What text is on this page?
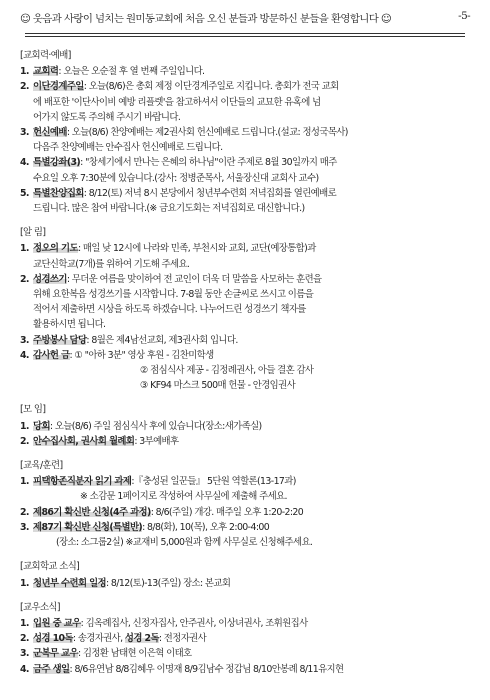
☺ 웃음과 사랑이 넘치는 원미동교회에 처음 오신 분들과 방문하신 분들을 환영합니다 ☺	-5-
[교회력·예배]
1. 교회력: 오늘은 오순절 후 열 번째 주일입니다.
2. 이단경계주일: 오늘(8/6)은 총회 제정 이단경계주일로 지킵니다. 총회가 전국 교회
에 배포한 '이단사이비 예방 리플렛'을 참고하셔서 이단들의 교묘한 유혹에 넘
어가지 않도록 주의해 주시기 바랍니다.
3. 헌신예배: 오늘(8/6) 찬양예배는 제2권사회 헌신예배로 드립니다.(설교: 정성국목사)
다음주 찬양예배는 안수집사 헌신예배로 드립니다.
4. 특별강좌(3): "창세기에서 만나는 은혜의 하나님"이란 주제로 8월 30일까지 매주
수요일 오후 7:30분에 있습니다.(강사: 정병준목사, 서울장신대 교회사 교수)
5. 특별찬양집회: 8/12(토) 저녁 8시 본당에서 청년부수련회 저녁집회를 열린예배로
드립니다. 많은 참여 바랍니다.(※ 금요기도회는 저녁집회로 대신합니다.)
[알 림]
1. 정오의 기도: 매일 낮 12시에 나라와 민족, 부천시와 교회, 교단(예장통합)과
교단신학교(7개)를 위하여 기도해 주세요.
2. 성경쓰기: 무더운 여름을 맞이하여 전 교인이 더욱 더 말씀을 사모하는 훈련을
위해 요한복음 성경쓰기를 시작합니다. 7-8월 동안 손글씨로 쓰시고 이름을
적어서 제출하면 시상을 하도록 하겠습니다. 나누어드린 성경쓰기 책자를
활용하시면 됩니다.
3. 주방봉사 담당: 8월은 제4남선교회, 제3권사회 입니다.
4. 감사헌 금: ① "아하 3분" 영상 후원 - 김찬미학생
② 점심식사 제공 - 김정례권사, 아들 결혼 감사
③ KF94 마스크 500매 헌물 - 안경임권사
[모 임]
1. 당회: 오늘(8/6) 주일 점심식사 후에 있습니다(장소:새가족실)
2. 안수집사회, 권사회 월례회: 3부예배후
[교육/훈련]
1. 피택항존직분자 읽기 과제:『충성된 일꾼들』 5단원 역할론(13-17과)
※ 소감문 1페이지로 작성하여 사무실에 제출해 주세요.
2. 제86기 확신반 신청(4주 과정): 8/6(주일) 개강. 매주일 오후 1:20-2:20
3. 제87기 확신반 신청(특별반): 8/8(화), 10(목), 오후 2:00-4:00
(장소: 소그룹2실) ※교재비 5,000원과 함께 사무실로 신청해주세요.
[교회학교 소식]
1. 청년부 수련회 일정: 8/12(토)-13(주일) 장소: 본교회
[교우소식]
1. 입원 중 교우: 김옥례집사, 신정자집사, 안주권사, 이상녀권사, 조휘원집사
2. 성경 10독: 송경자권사, 성경 2독: 전정자권사
3. 군복무 교우: 김정환 남태현 이은혁 이태호
4. 금주 생일: 8/6유연남 8/8김혜우 이명재 8/9김남수 정갑님 8/10안봉례 8/11유지현
